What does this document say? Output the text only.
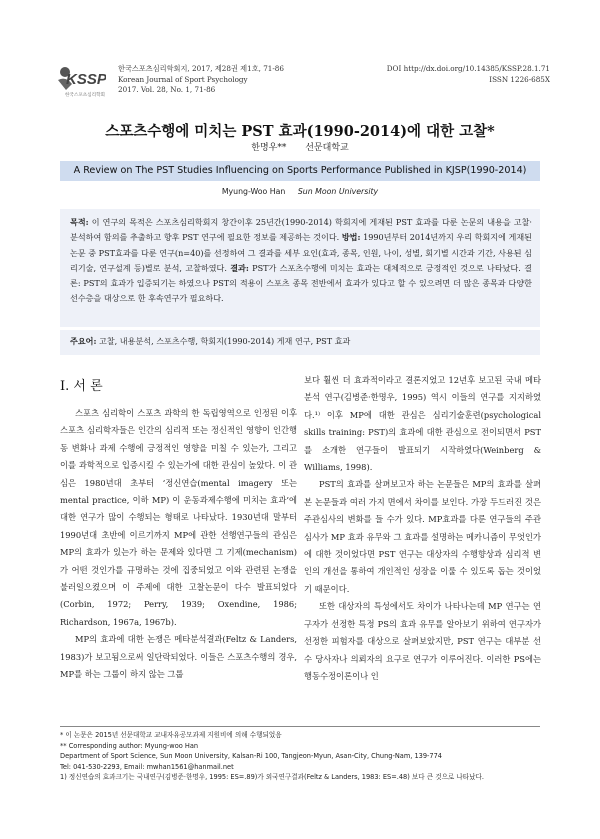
KSSP
한국스포츠심리학회
한국스포츠심리학회지, 2017, 제28권 제1호, 71-86
Korean Journal of Sport Psychology
2017. Vol. 28, No. 1, 71-86
DOI http://dx.doi.org/10.14385/KSSP.28.1.71
ISSN 1226-685X
스포츠수행에 미치는 PST 효과(1990-2014)에 대한 고찰*
한명우** 선문대학교
A Review on The PST Studies Influencing on Sports Performance Published in KJSP(1990-2014)
Myung-Woo Han Sun Moon University
목적: 이 연구의 목적은 스포츠심리학회지 창간이후 25년간(1990-2014) 학회지에 게재된 PST 효과를 다룬 논문의 내용을 고찰·분석하여 함의를 추출하고 향후 PST 연구에 필요한 정보를 제공하는 것이다. 방법: 1990년부터 2014년까지 우리 학회지에 게재된 논문 중 PST효과를 다룬 연구(n=40)를 선정하여 그 결과를 세부 요인(효과, 종목, 인원, 나이, 성별, 회기별 시간과 기간, 사용된 심리기술, 연구설계 등)별로 분석, 고찰하였다. 결과: PST가 스포츠수행에 미치는 효과는 대체적으로 긍정적인 것으로 나타났다. 결론: PST의 효과가 입증되기는 하였으나 PST의 적용이 스포츠 종목 전반에서 효과가 있다고 할 수 있으려면 더 많은 종목과 다양한 선수층을 대상으로 한 후속연구가 필요하다.
주요어: 고찰, 내용분석, 스포츠수행, 학회지(1990-2014) 게재 연구, PST 효과
I. 서 론

스포츠 심리학이 스포츠 과학의 한 독립영역으로 인정된 이후 스포츠 심리학자들은 인간의 심리적 또는 정신적인 영향이 인간행동 변화나 과제 수행에 긍정적인 영향을 미칠 수 있는가, 그리고 이를 과학적으로 입증시킬 수 있는가에 대한 관심이 높았다. 이 관심은 1980년대 초부터 ‘정신연습(mental imagery 또는 mental practice, 이하 MP) 이 운동과제수행에 미치는 효과’에 대한 연구가 많이 수행되는 형태로 나타났다. 1930년대 말부터 1990년대 초반에 이르기까지 MP에 관한 선행연구들의 관심은 MP의 효과가 있는가 하는 문제와 있다면 그 기제(mechanism)가 어떤 것인가를 규명하는 것에 집중되었고 이와 관련된 논쟁을 불러일으켰으며 이 주제에 대한 고찰논문이 다수 발표되었다(Corbin, 1972; Perry, 1939; Oxendine, 1986; Richardson, 1967a, 1967b).

MP의 효과에 대한 논쟁은 메타분석결과(Feltz & Landers, 1983)가 보고됨으로써 일단락되었다. 이들은 스포츠수행의 경우, MP를 하는 그룹이 하지 않는 그룹

보다 훨씬 더 효과적이라고 결론지었고 12년후 보고된 국내 메타분석 연구(김병준·한명우, 1995) 역시 이들의 연구를 지지하였다.¹⁾ 이후 MP에 대한 관심은 심리기술훈련(psychological skills training: PST)의 효과에 대한 관심으로 전이되면서 PST를 소개한 연구들이 발표되기 시작하였다(Weinberg & Williams, 1998).

PST의 효과를 살펴보고자 하는 논문들은 MP의 효과를 살펴본 논문들과 여러 가지 면에서 차이를 보인다. 가장 두드러진 것은 주관심사의 변화를 들 수가 있다. MP효과를 다룬 연구들의 주관심사가 MP 효과 유무와 그 효과를 설명하는 메카니즘이 무엇인가에 대한 것이었다면 PST 연구는 대상자의 수행향상과 심리적 변인의 개선을 통하여 개인적인 성장을 이룰 수 있도록 돕는 것이었기 때문이다.

또한 대상자의 특성에서도 차이가 나타나는데 MP 연구는 연구자가 선정한 특정 PS의 효과 유무를 알아보기 위하여 연구자가 선정한 피험자를 대상으로 살펴보았지만, PST 연구는 대부분 선수 당사자나 의뢰자의 요구로 연구가 이루어진다. 이러한 PS에는 행동수정이론이나 인

* 이 논문은 2015년 선문대학교 교내자유공모과제 지원비에 의해 수행되었음
** Corresponding author: Myung-woo Han
Department of Sport Science, Sun Moon University, Kalsan-Ri 100, Tangjeon-Myun, Asan-City, Chung-Nam, 139-774
Tel: 041-530-2293, Email: mwhan1561@hanmail.net
1) 정신연습의 효과크기는 국내연구(김병준·한명우, 1995: ES=.89)가 외국연구결과(Feltz & Landers, 1983: ES=.48) 보다 큰 것으로 나타났다.
